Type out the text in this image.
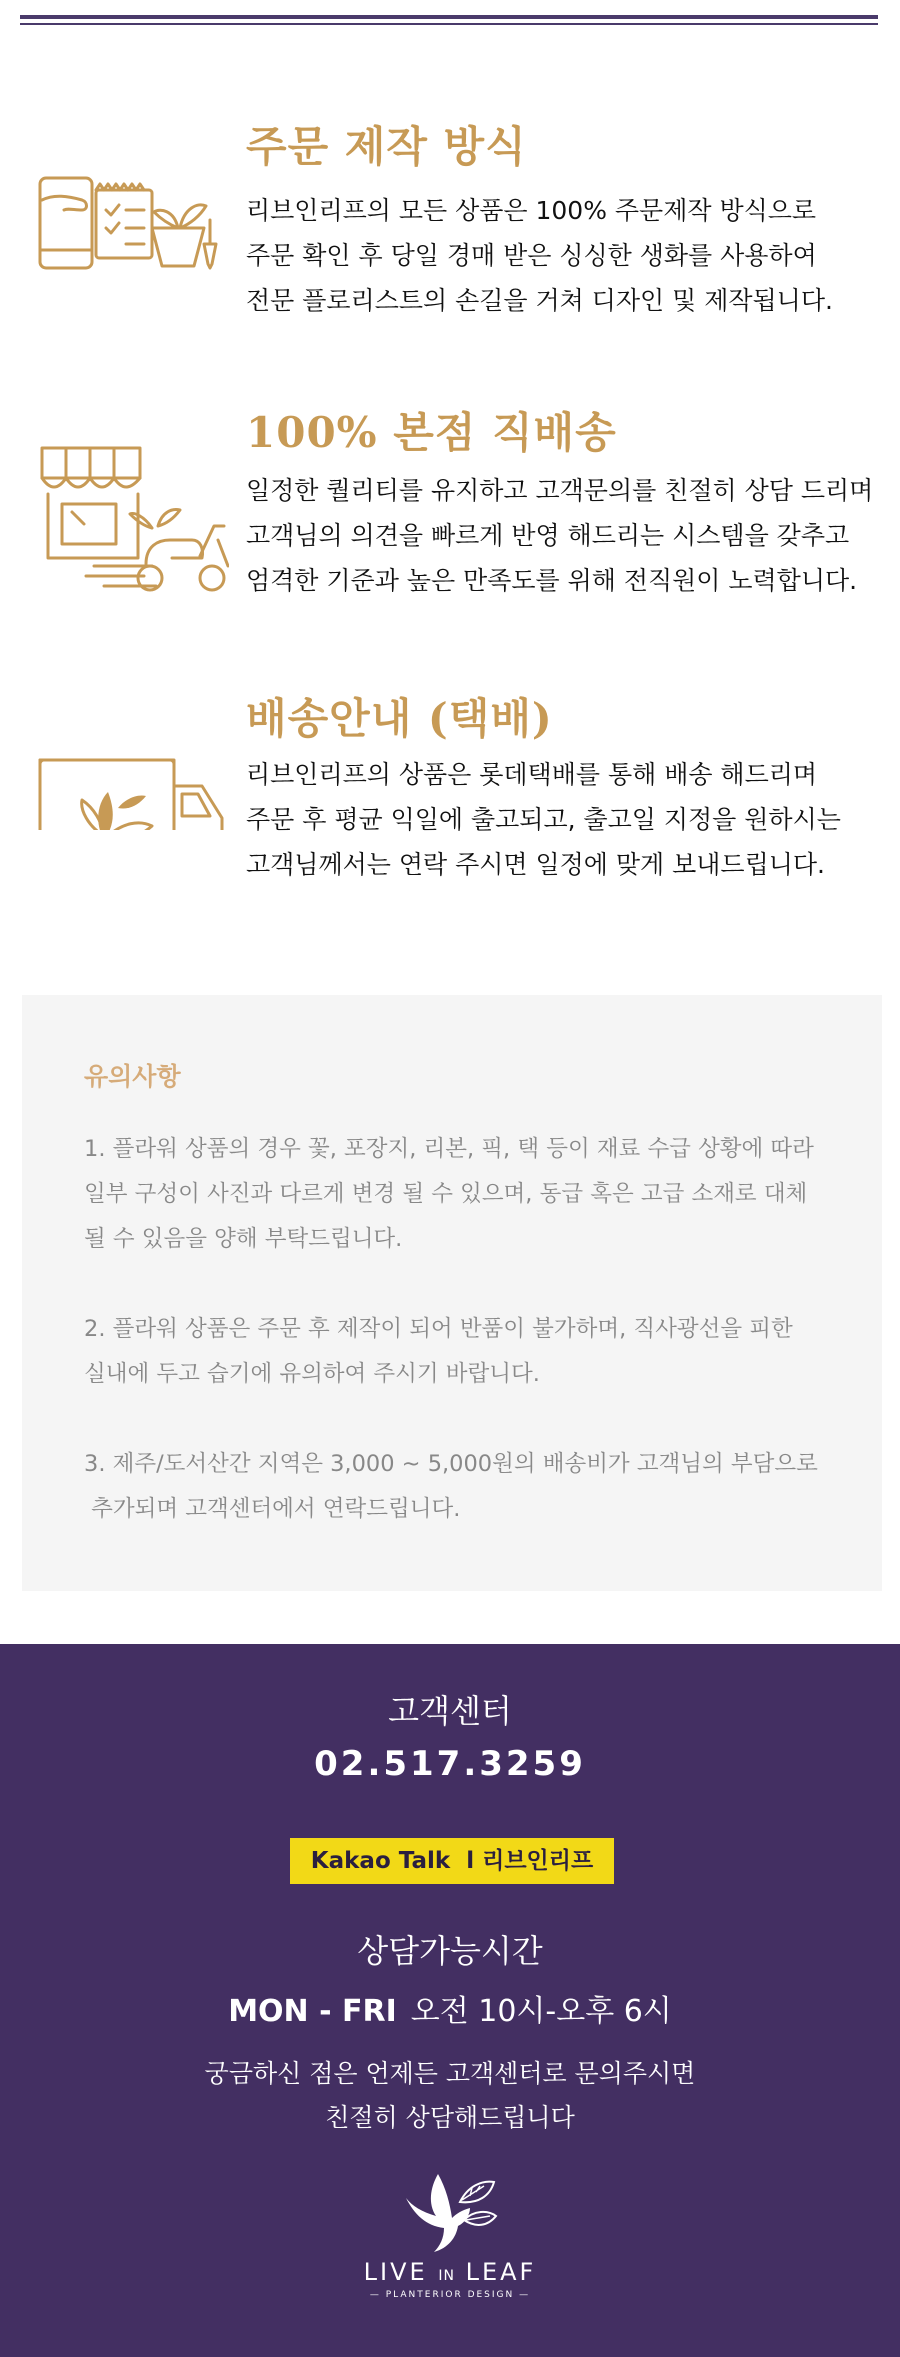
주문 제작 방식
리브인리프의 모든 상품은 100% 주문제작 방식으로
주문 확인 후 당일 경매 받은 싱싱한 생화를 사용하여
전문 플로리스트의 손길을 거쳐 디자인 및 제작됩니다.
100% 본점 직배송
일정한 퀄리티를 유지하고 고객문의를 친절히 상담 드리며
고객님의 의견을 빠르게 반영 해드리는 시스템을 갖추고
엄격한 기준과 높은 만족도를 위해 전직원이 노력합니다.
배송안내 (택배)
리브인리프의 상품은 롯데택배를 통해 배송 해드리며
주문 후 평균 익일에 출고되고, 출고일 지정을 원하시는
고객님께서는 연락 주시면 일정에 맞게 보내드립니다.
유의사항
1. 플라워 상품의 경우 꽃, 포장지, 리본, 픽, 택 등이 재료 수급 상황에 따라
일부 구성이 사진과 다르게 변경 될 수 있으며, 동급 혹은 고급 소재로 대체
될 수 있음을 양해 부탁드립니다.
2. 플라워 상품은 주문 후 제작이 되어 반품이 불가하며, 직사광선을 피한
실내에 두고 습기에 유의하여 주시기 바랍니다.
3. 제주/도서산간 지역은 3,000 ~ 5,000원의 배송비가 고객님의 부담으로
추가되며 고객센터에서 연락드립니다.
고객센터
02.517.3259
Kakao Talk  l 리브인리프
상담가능시간
MON - FRI 오전 10시-오후 6시
궁금하신 점은 언제든 고객센터로 문의주시면
친절히 상담해드립니다
LIVE IN LEAF
— PLANTERIOR DESIGN —
